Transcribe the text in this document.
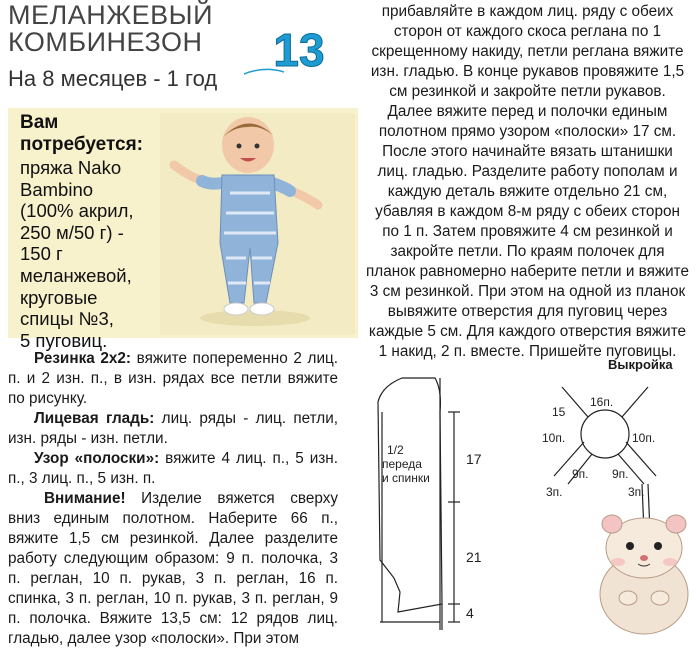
МЕЛАНЖЕВЫЙ
КОМБИНЕЗОН
На 8 месяцев - 1 год
13
Вам
потребуется:
пряжа Nako
Bambino
(100% акрил,
250 м/50 г) -
150 г
меланжевой,
круговые
спицы №3,
5 пуговиц.

Резинка 2х2: вяжите попеременно 2 лиц. п. и 2 изн. п., в изн. рядах все петли вяжите по рисунку.

Лицевая гладь: лиц. ряды - лиц. петли, изн. ряды - изн. петли.

Узор «полоски»: вяжите 4 лиц. п., 5 изн. п., 3 лиц. п., 5 изн. п.

Внимание! Изделие вяжется сверху вниз единым полотном. Наберите 66 п., вяжите 1,5 см резинкой. Далее разделите работу следующим образом: 9 п. полочка, 3 п. реглан, 10 п. рукав, 3 п. реглан, 16 п. спинка, 3 п. реглан, 10 п. рукав, 3 п. реглан, 9 п. полочка. Вяжите 13,5 см: 12 рядов лиц. гладью, далее узор «полоски». При этом

прибавляйте в каждом лиц. ряду с обеих сторон от каждого скоса реглана по 1 скрещенному накиду, петли реглана вяжите изн. гладью. В конце рукавов провяжите 1,5 см резинкой и закройте петли рукавов. Далее вяжите перед и полочки единым полотном прямо узором «полоски» 17 см. После этого начинайте вязать штанишки лиц. гладью. Разделите работу пополам и каждую деталь вяжите отдельно 21 см, убавляя в каждом 8-м ряду с обеих сторон по 1 п. Затем провяжите 4 см резинкой и закройте петли. По краям полочек для планок равномерно наберите петли и вяжите 3 см резинкой. При этом на одной из планок вывяжите отверстия для пуговиц через каждые 5 см. Для каждого отверстия вяжите 1 накид, 2 п. вместе. Пришейте пуговицы.

Выкройка
1/2
переда
и спинки
17
21
4
16п.
15
10п.	10п.
9п. 9п.
3п.	3п.
